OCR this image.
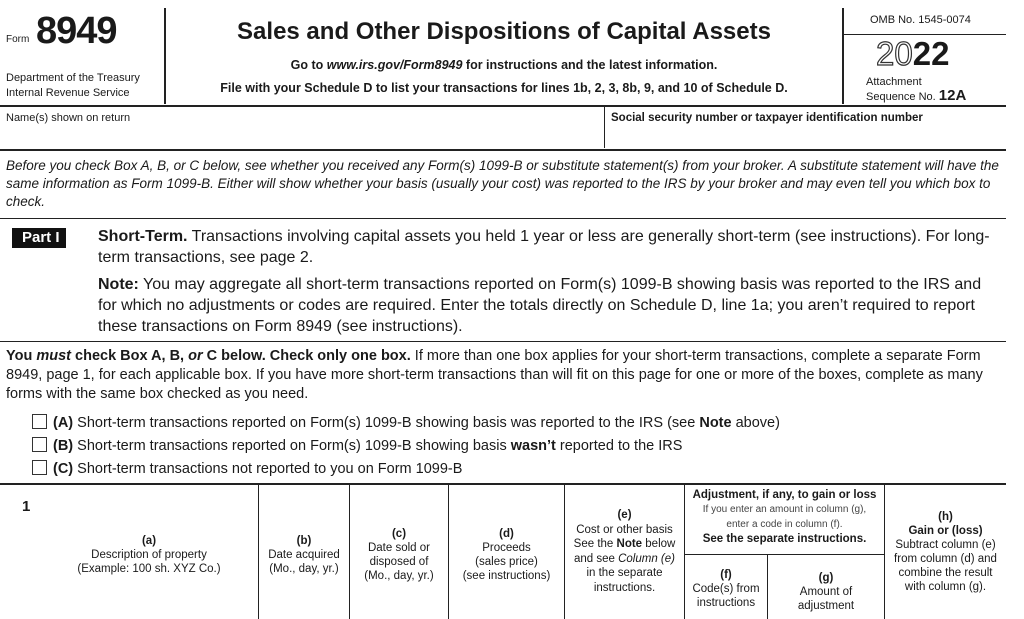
Form 8949
Department of the Treasury
Internal Revenue Service
Sales and Other Dispositions of Capital Assets
Go to www.irs.gov/Form8949 for instructions and the latest information.
File with your Schedule D to list your transactions for lines 1b, 2, 3, 8b, 9, and 10 of Schedule D.
OMB No. 1545-0074
2022
Attachment
Sequence No. 12A
Name(s) shown on return	Social security number or taxpayer identification number
Before you check Box A, B, or C below, see whether you received any Form(s) 1099-B or substitute statement(s) from your broker. A substitute statement will have the same information as Form 1099-B. Either will show whether your basis (usually your cost) was reported to the IRS by your broker and may even tell you which box to check.
Part I	Short-Term. Transactions involving capital assets you held 1 year or less are generally short-term (see instructions). For long-term transactions, see page 2.
Note: You may aggregate all short-term transactions reported on Form(s) 1099-B showing basis was reported to the IRS and for which no adjustments or codes are required. Enter the totals directly on Schedule D, line 1a; you aren’t required to report these transactions on Form 8949 (see instructions).
You must check Box A, B, or C below. Check only one box. If more than one box applies for your short-term transactions, complete a separate Form 8949, page 1, for each applicable box. If you have more short-term transactions than will fit on this page for one or more of the boxes, complete as many forms with the same box checked as you need.
(A) Short-term transactions reported on Form(s) 1099-B showing basis was reported to the IRS (see Note above)
(B) Short-term transactions reported on Form(s) 1099-B showing basis wasn’t reported to the IRS
(C) Short-term transactions not reported to you on Form 1099-B
1
(a)
Description of property
(Example: 100 sh. XYZ Co.)
(b)
Date acquired
(Mo., day, yr.)
(c)
Date sold or
disposed of
(Mo., day, yr.)
(d)
Proceeds
(sales price)
(see instructions)
(e)
Cost or other basis
See the Note below
and see Column (e)
in the separate
instructions.
Adjustment, if any, to gain or loss
If you enter an amount in column (g),
enter a code in column (f).
See the separate instructions.
(f)
Code(s) from
instructions
(g)
Amount of
adjustment
(h)
Gain or (loss)
Subtract column (e)
from column (d) and
combine the result
with column (g).
